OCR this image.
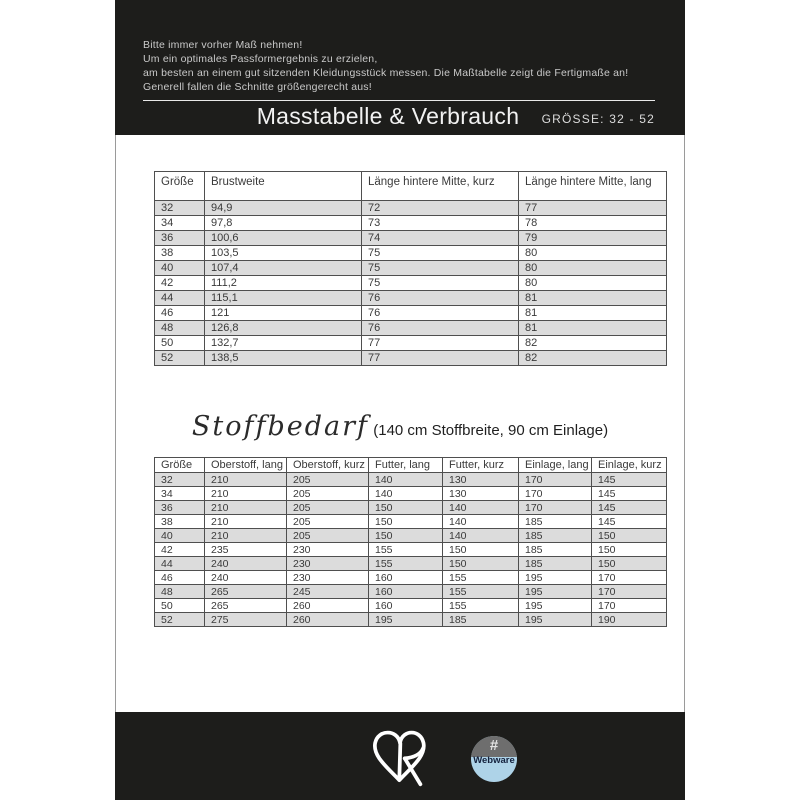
Bitte immer vorher Maß nehmen!
Um ein optimales Passformergebnis zu erzielen,
am besten an einem gut sitzenden Kleidungsstück messen. Die Maßtabelle zeigt die Fertigmaße an!
Generell fallen die Schnitte größengerecht aus!
Masstabelle & Verbrauch	GRÖSSE: 32 - 52
Größe	Brustweite	Länge hintere Mitte, kurz	Länge hintere Mitte, lang
32	94,9	72	77
34	97,8	73	78
36	100,6	74	79
38	103,5	75	80
40	107,4	75	80
42	111,2	75	80
44	115,1	76	81
46	121	76	81
48	126,8	76	81
50	132,7	77	82
52	138,5	77	82
Stoffbedarf (140 cm Stoffbreite, 90 cm Einlage)
Größe	Oberstoff, lang	Oberstoff, kurz	Futter, lang	Futter, kurz	Einlage, lang	Einlage, kurz
32	210	205	140	130	170	145
34	210	205	140	130	170	145
36	210	205	150	140	170	145
38	210	205	150	140	185	145
40	210	205	150	140	185	150
42	235	230	155	150	185	150
44	240	230	155	150	185	150
46	240	230	160	155	195	170
48	265	245	160	155	195	170
50	265	260	160	155	195	170
52	275	260	195	185	195	190
#
Webware
